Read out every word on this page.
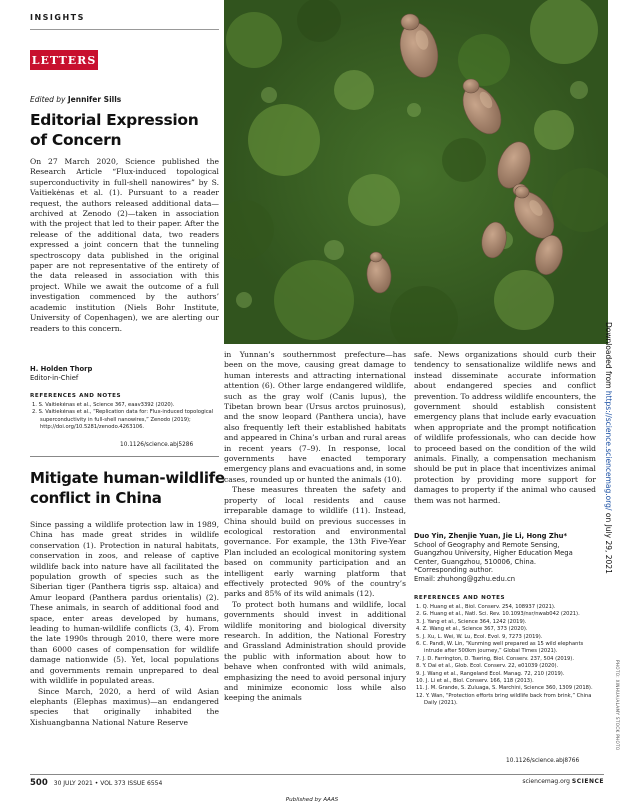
INSIGHTS
LETTERS
Edited by Jennifer Sills
Editorial Expression
of Concern

On 27 March 2020, Science published the Research Article “Flux-induced topological superconductivity in full-shell nanowires” by S. Vaitiekėnas et al. (1). Pursuant to a reader request, the authors released additional data—archived at Zenodo (2)—taken in association with the project that led to their paper. After the release of the additional data, two readers expressed a joint concern that the tunneling spectroscopy data published in the original paper are not representative of the entirety of the data released in association with this project. While we await the outcome of a full investigation commenced by the authors’ academic institution (Niels Bohr Institute, University of Copenhagen), we are alerting our readers to this concern.

H. Holden Thorp
Editor-in-Chief
REFERENCES AND NOTES
1. S. Vaitiekėnas et al., Science 367, eaav3392 (2020).
2. S. Vaitiekėnas et al., “Replication data for: Flux-induced topological superconductivity in full-shell nanowires,” Zenodo (2019); http://doi.org/10.5281/zenodo.4263106.
10.1126/science.abj5286
Mitigate human-wildlife
conflict in China

Since passing a wildlife protection law in 1989, China has made great strides in wildlife conservation (1). Protection in natural habitats, conservation in zoos, and release of captive wildlife back into nature have all facilitated the population growth of species such as the Siberian tiger (Panthera tigris ssp. altaica) and Amur leopard (Panthera pardus orientalis) (2). These animals, in search of additional food and space, enter areas developed by humans, leading to human-wildlife conflicts (3, 4). From the late 1990s through 2010, there were more than 6000 cases of compensation for wildlife damage nationwide (5). Yet, local populations and governments remain unprepared to deal with wildlife in populated areas.

Since March, 2020, a herd of wild Asian elephants (Elephas maximus)—an endangered species that originally inhabited the Xishuangbanna National Nature Reserve

in Yunnan’s southernmost prefecture—has been on the move, causing great damage to human interests and attracting international attention (6). Other large endangered wildlife, such as the gray wolf (Canis lupus), the Tibetan brown bear (Ursus arctos pruinosus), and the snow leopard (Panthera uncia), have also frequently left their established habitats and appeared in China’s urban and rural areas in recent years (7–9). In response, local governments have enacted temporary emergency plans and evacuations and, in some cases, rounded up or hunted the animals (10).

These measures threaten the safety and property of local residents and cause irreparable damage to wildlife (11). Instead, China should build on previous successes in ecological restoration and environmental governance. For example, the 13th Five-Year Plan included an ecological monitoring system based on community participation and an intelligent early warning platform that effectively protected 90% of the country’s parks and 85% of its wild animals (12).

To protect both humans and wildlife, local governments should invest in additional wildlife monitoring and biological diversity research. In addition, the National Forestry and Grassland Administration should provide the public with information about how to behave when confronted with wild animals, emphasizing the need to avoid personal injury and minimize economic loss while also keeping the animals

safe. News organizations should curb their tendency to sensationalize wildlife news and instead disseminate accurate information about endangered species and conflict prevention. To address wildlife encounters, the government should establish consistent emergency plans that include early evacuation when appropriate and the prompt notification of wildlife professionals, who can decide how to proceed based on the condition of the wild animals. Finally, a compensation mechanism should be put in place that incentivizes animal protection by providing more support for damages to property if the animal who caused them was not harmed.

Duo Yin, Zhenjie Yuan, Jie Li, Hong Zhu*
School of Geography and Remote Sensing, Guangzhou University, Higher Education Mega Center, Guangzhou, 510006, China.
*Corresponding author.
Email: zhuhong@gzhu.edu.cn
REFERENCES AND NOTES
1. Q. Huang et al., Biol. Conserv. 254, 108937 (2021).
2. G. Huang et al., Natl. Sci. Rev. 10.1093/nsr/nwab042 (2021).
3. J. Yang et al., Science 364, 1242 (2019).
4. Z. Wang et al., Science 367, 373 (2020).
5. J. Xu, L. Wei, W. Lu, Ecol. Evol. 9, 7273 (2019).
6. C. Pandi, W. Lin, “Kunming well prepared as 15 wild elephants intrude after 500km journey,” Global Times (2021).
7. J. D. Farrington, D. Tsering, Biol. Conserv. 237, 504 (2019).
8. Y. Dai et al., Glob. Ecol. Conserv. 22, e01039 (2020).
9. J. Wang et al., Rangeland Ecol. Manag. 72, 210 (2019).
10. J. Li et al., Biol. Conserv. 166, 118 (2013).
11. J. M. Grande, S. Zuluaga, S. Marchini, Science 360, 1309 (2018).
12. Y. Wan, “Protection efforts bring wildlife back from brink,” China Daily (2021).
10.1126/science.abj8766
PHOTO: XINHUA/ALAMY STOCK PHOTO
Downloaded from https://science.sciencemag.org/ on July 29, 2021
500 30 JULY 2021 • VOL 373 ISSUE 6554	sciencemag.org SCIENCE
Published by AAAS
